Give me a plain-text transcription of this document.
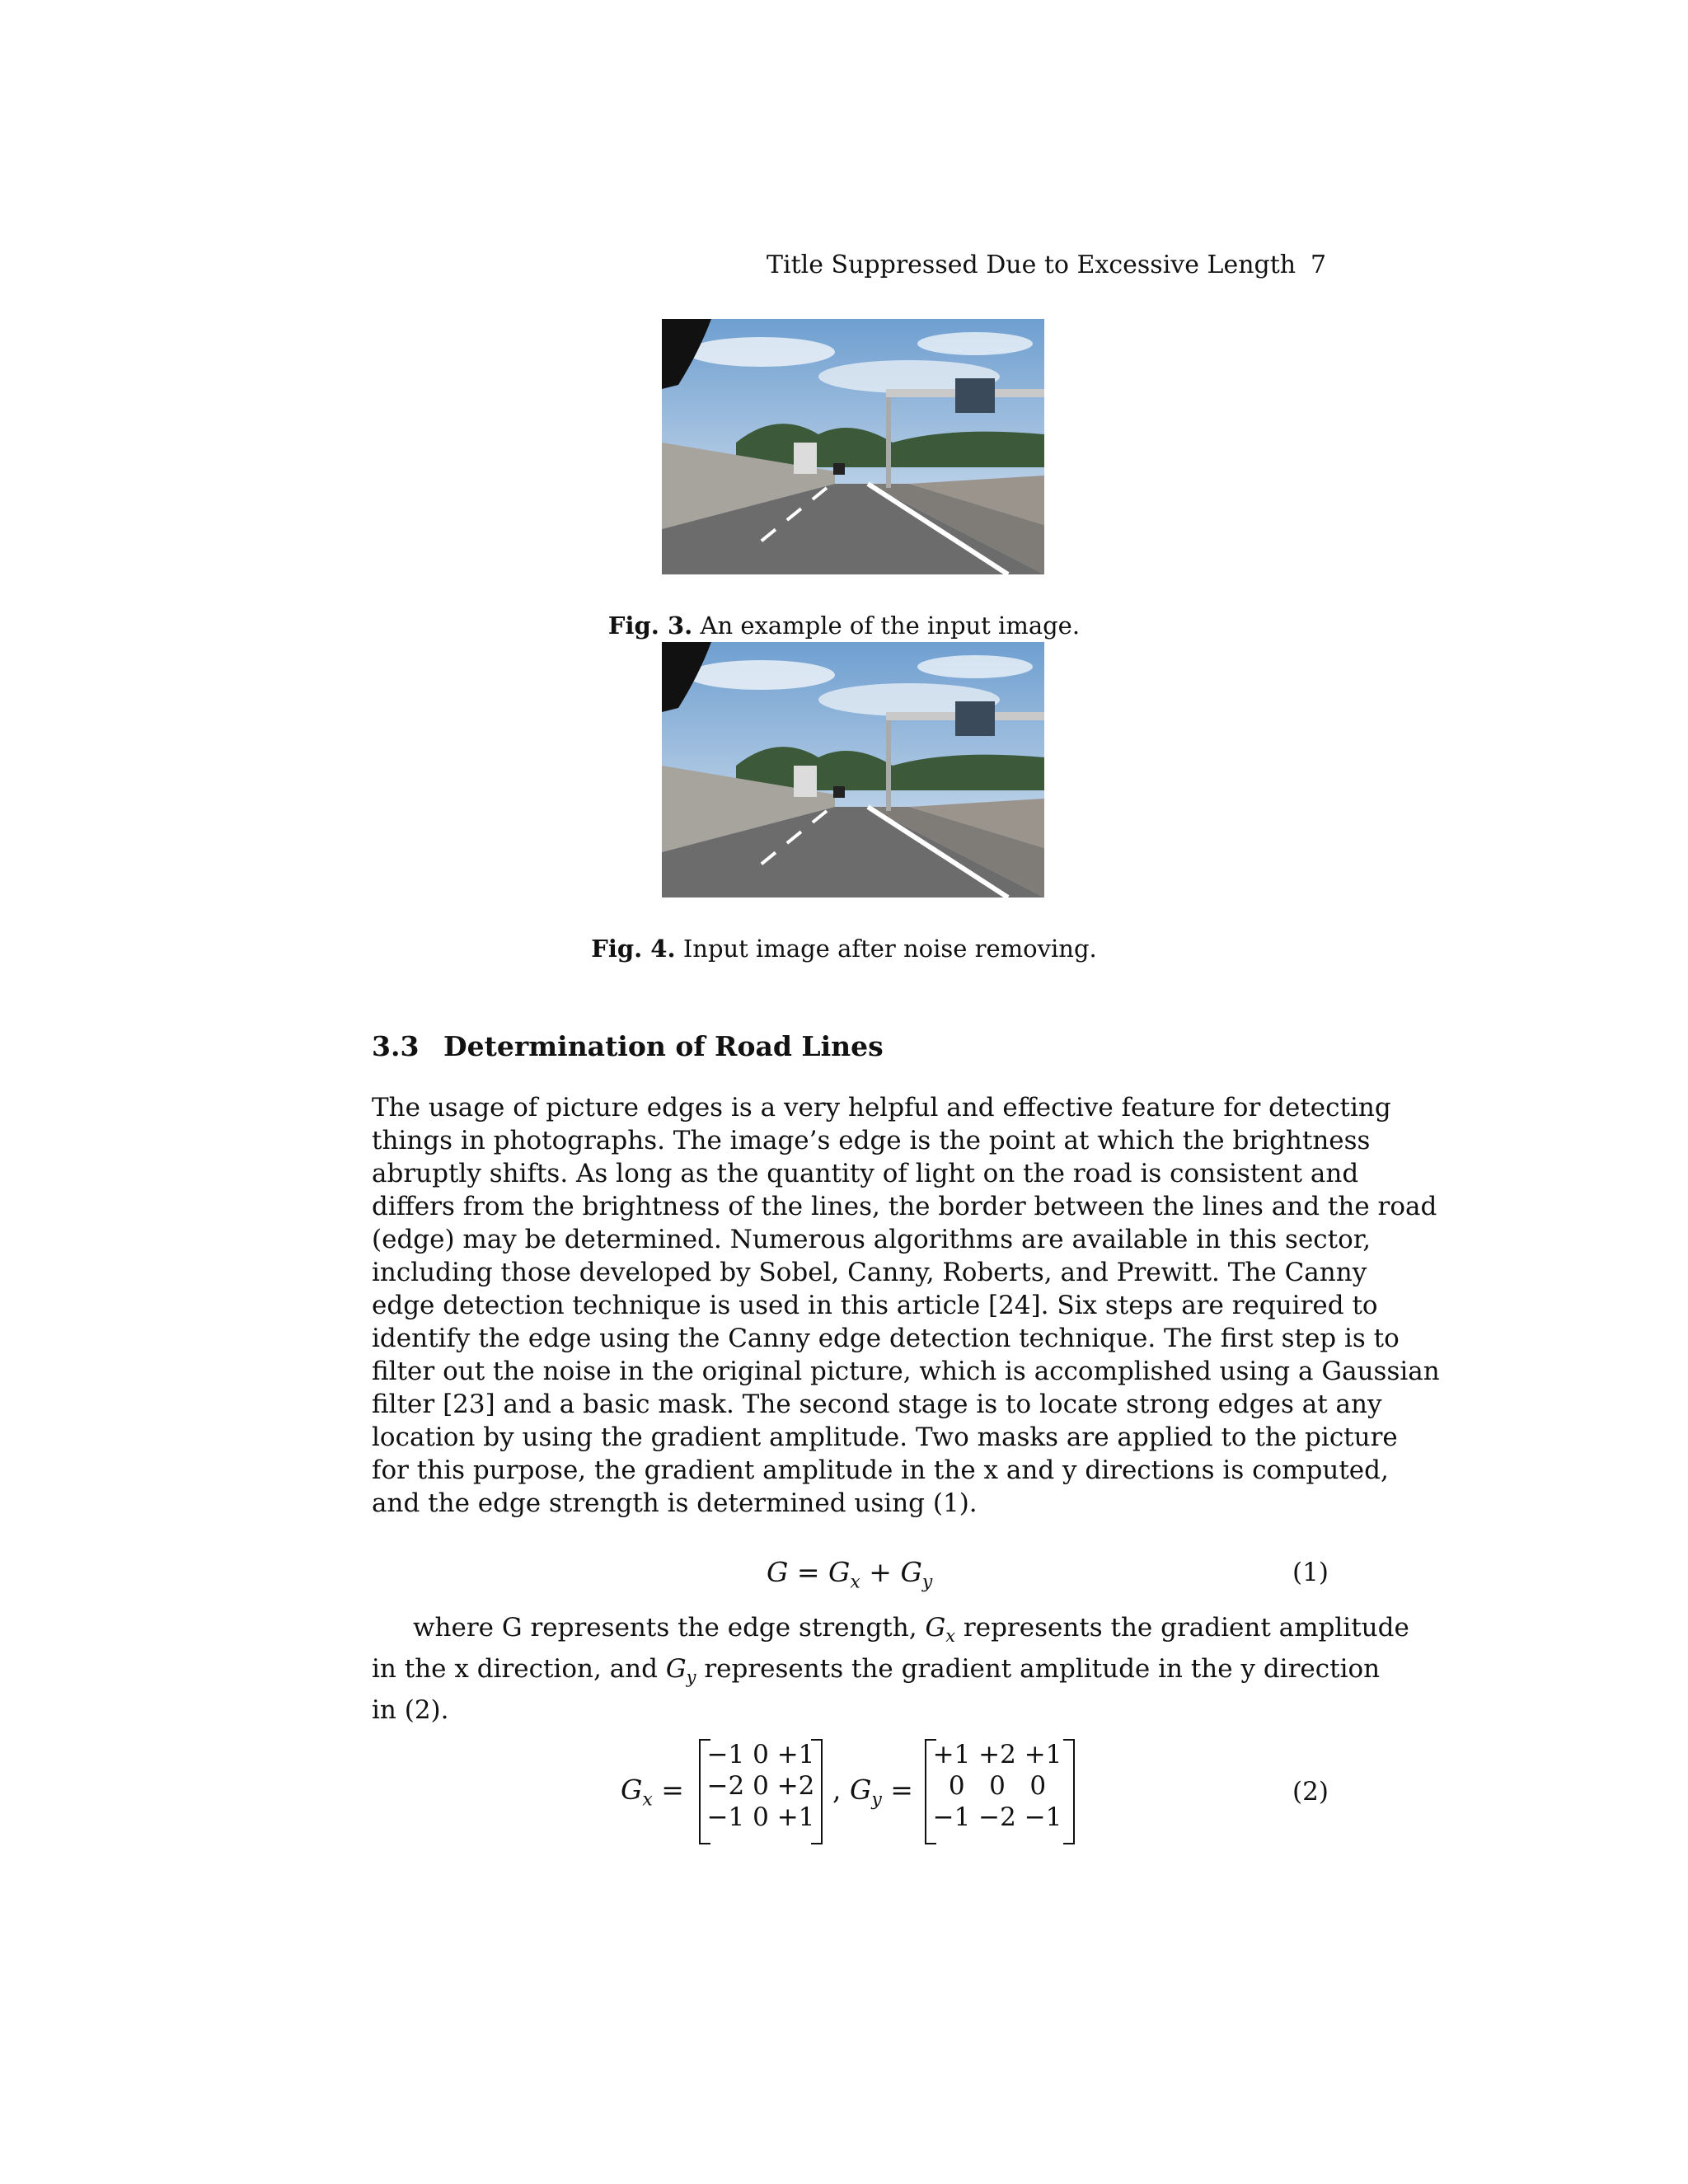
Title Suppressed Due to Excessive Length 7
Fig. 3. An example of the input image.
Fig. 4. Input image after noise removing.
3.3 Determination of Road Lines

The usage of picture edges is a very helpful and effective feature for detecting
things in photographs. The image’s edge is the point at which the brightness
abruptly shifts. As long as the quantity of light on the road is consistent and
differs from the brightness of the lines, the border between the lines and the road
(edge) may be determined. Numerous algorithms are available in this sector,
including those developed by Sobel, Canny, Roberts, and Prewitt. The Canny
edge detection technique is used in this article [24]. Six steps are required to
identify the edge using the Canny edge detection technique. The first step is to
filter out the noise in the original picture, which is accomplished using a Gaussian
filter [23] and a basic mask. The second stage is to locate strong edges at any
location by using the gradient amplitude. Two masks are applied to the picture
for this purpose, the gradient amplitude in the x and y directions is computed,
and the edge strength is determined using (1).

$G = G_x + G_y$	(1)

where G represents the edge strength, $G_x$ represents the gradient amplitude
in the x direction, and $G_y$ represents the gradient amplitude in the y direction
in (2).

$G_x$ =
−1 0 +1
−2 0 +2
−1 0 +1
, $G_y$ =
+1 +2 +1
0   0   0
−1 −2 −1
(2)
